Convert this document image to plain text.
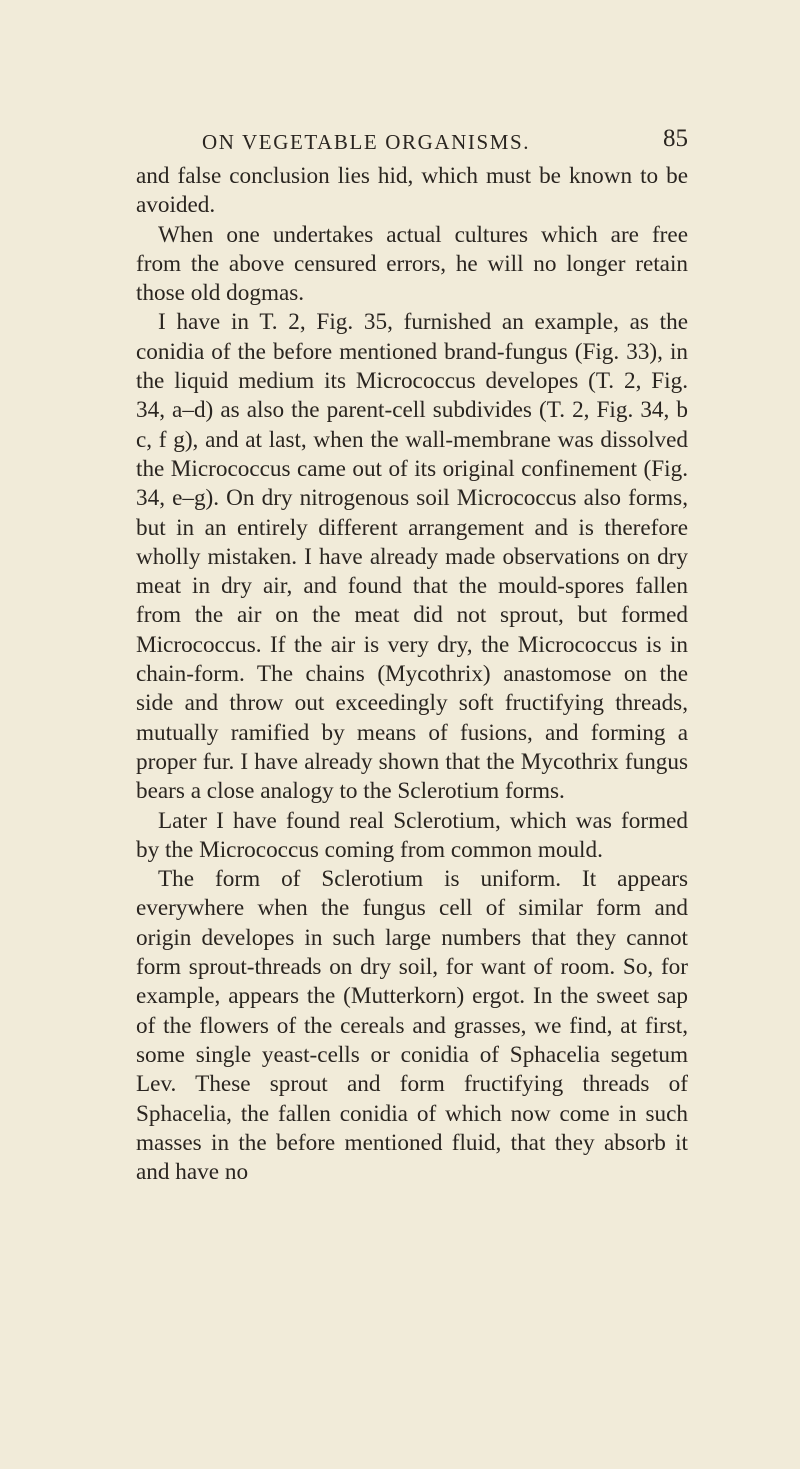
ON VEGETABLE ORGANISMS.	85

and false conclusion lies hid, which must be known to be avoided.

When one undertakes actual cultures which are free from the above censured errors, he will no longer retain those old dogmas.

I have in T. 2, Fig. 35, furnished an example, as the conidia of the before mentioned brand-fungus (Fig. 33), in the liquid medium its Micrococcus developes (T. 2, Fig. 34, a–d) as also the parent-cell subdivides (T. 2, Fig. 34, b c, f g), and at last, when the wall-membrane was dissolved the Micrococcus came out of its original confinement (Fig. 34, e–g). On dry nitrogenous soil Micrococcus also forms, but in an entirely different arrangement and is therefore wholly mistaken. I have already made observations on dry meat in dry air, and found that the mould-spores fallen from the air on the meat did not sprout, but formed Micrococcus. If the air is very dry, the Micrococcus is in chain-form. The chains (Mycothrix) anastomose on the side and throw out exceedingly soft fructifying threads, mutually ramified by means of fusions, and forming a proper fur. I have already shown that the Mycothrix fungus bears a close analogy to the Sclerotium forms.

Later I have found real Sclerotium, which was formed by the Micrococcus coming from common mould.

The form of Sclerotium is uniform. It appears everywhere when the fungus cell of similar form and origin developes in such large numbers that they cannot form sprout-threads on dry soil, for want of room. So, for example, appears the (Mutterkorn) ergot. In the sweet sap of the flowers of the cereals and grasses, we find, at first, some single yeast-cells or conidia of Sphacelia segetum Lev. These sprout and form fructifying threads of Sphacelia, the fallen conidia of which now come in such masses in the before mentioned fluid, that they absorb it and have no
